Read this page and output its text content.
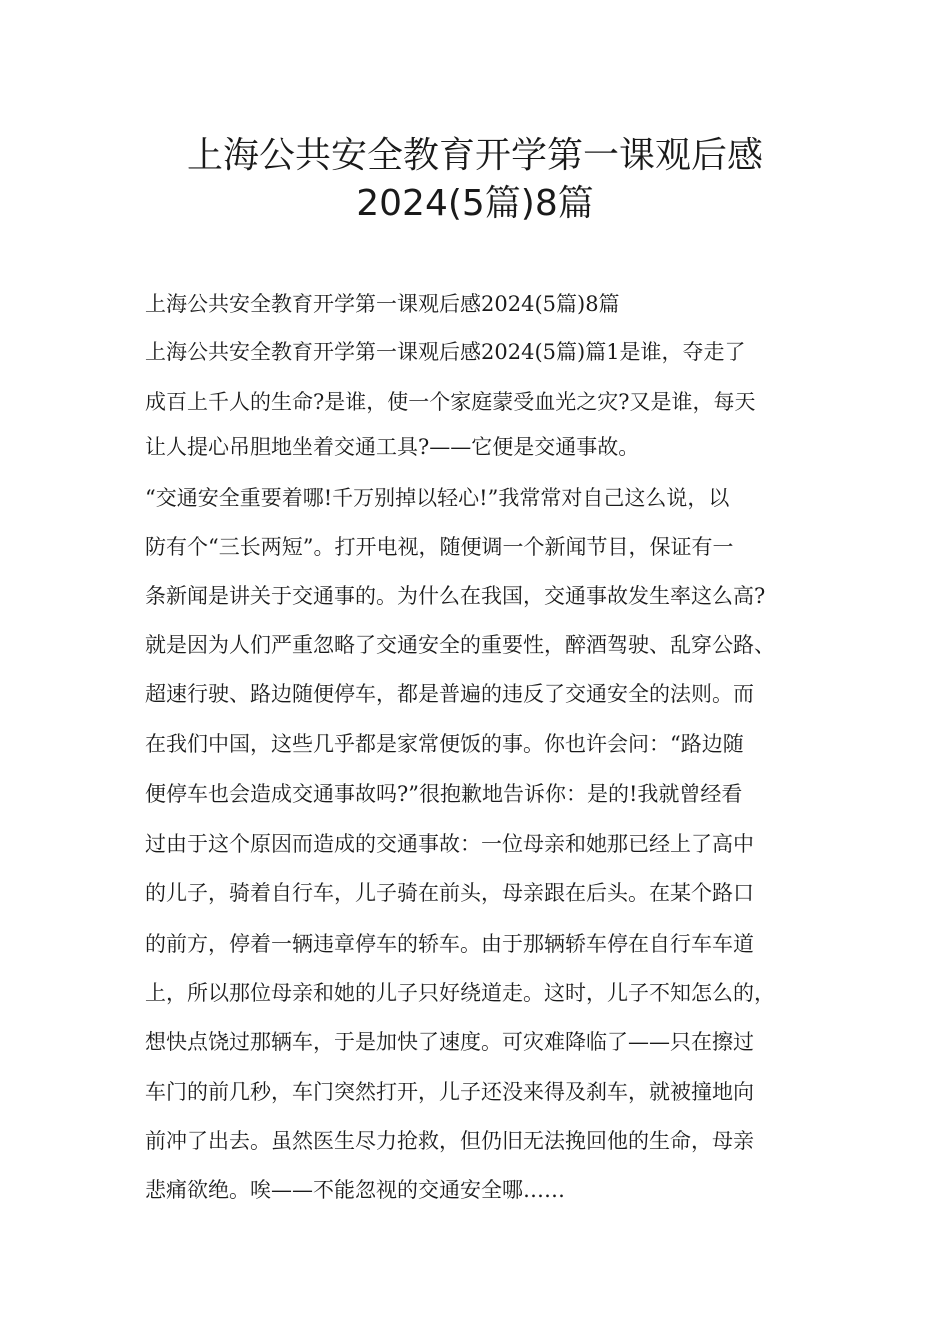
上海公共安全教育开学第一课观后感
2024(5篇)8篇

上海公共安全教育开学第一课观后感2024(5篇)8篇

上海公共安全教育开学第一课观后感2024(5篇)篇1是谁，夺走了

成百上千人的生命?是谁，使一个家庭蒙受血光之灾?又是谁，每天

让人提心吊胆地坐着交通工具?——它便是交通事故。

“交通安全重要着哪!千万别掉以轻心!”我常常对自己这么说，以

防有个“三长两短”。打开电视，随便调一个新闻节目，保证有一

条新闻是讲关于交通事的。为什么在我国，交通事故发生率这么高?

就是因为人们严重忽略了交通安全的重要性，醉酒驾驶、乱穿公路、

超速行驶、路边随便停车，都是普遍的违反了交通安全的法则。而

在我们中国，这些几乎都是家常便饭的事。你也许会问：“路边随

便停车也会造成交通事故吗?”很抱歉地告诉你：是的!我就曾经看

过由于这个原因而造成的交通事故：一位母亲和她那已经上了高中

的儿子，骑着自行车，儿子骑在前头，母亲跟在后头。在某个路口

的前方，停着一辆违章停车的轿车。由于那辆轿车停在自行车车道

上，所以那位母亲和她的儿子只好绕道走。这时，儿子不知怎么的，

想快点饶过那辆车，于是加快了速度。可灾难降临了——只在擦过

车门的前几秒，车门突然打开，儿子还没来得及刹车，就被撞地向

前冲了出去。虽然医生尽力抢救，但仍旧无法挽回他的生命，母亲

悲痛欲绝。唉——不能忽视的交通安全哪……
